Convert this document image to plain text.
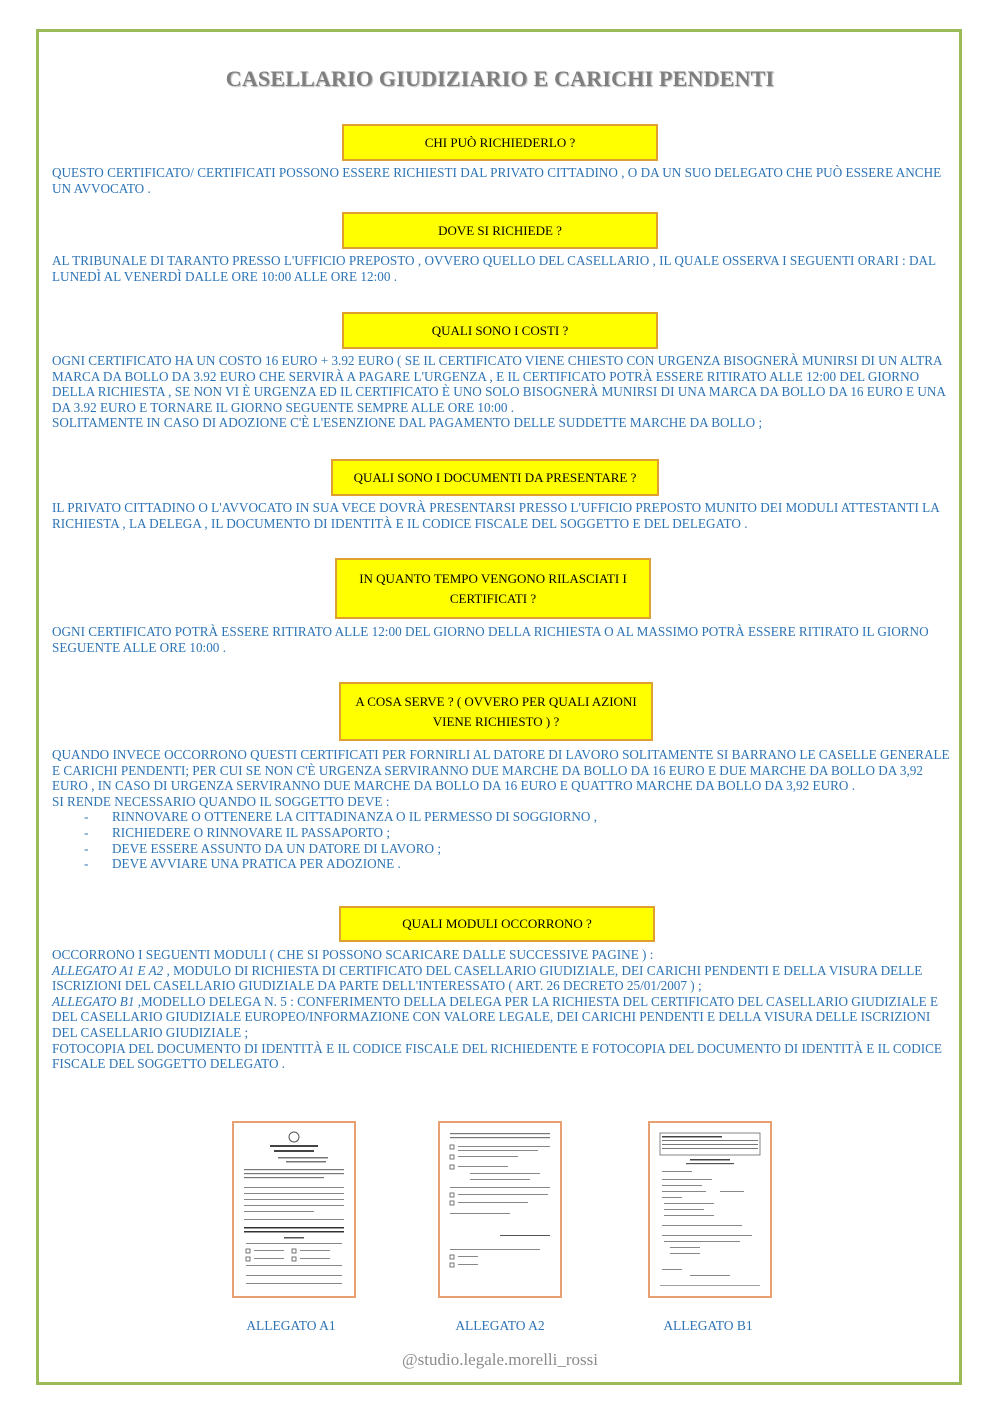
CASELLARIO GIUDIZIARIO E CARICHI PENDENTI
CHI PUÒ RICHIEDERLO ?
QUESTO CERTIFICATO/ CERTIFICATI POSSONO ESSERE RICHIESTI DAL PRIVATO CITTADINO , O DA UN SUO DELEGATO CHE PUÒ ESSERE ANCHE UN AVVOCATO .
DOVE SI RICHIEDE ?
AL TRIBUNALE DI TARANTO PRESSO L'UFFICIO PREPOSTO , OVVERO QUELLO DEL CASELLARIO , IL QUALE OSSERVA I SEGUENTI ORARI : DAL LUNEDÌ AL VENERDÌ DALLE ORE 10:00 ALLE ORE 12:00 .
QUALI SONO I COSTI ?
OGNI CERTIFICATO HA UN COSTO 16 EURO + 3.92 EURO ( SE IL CERTIFICATO VIENE CHIESTO CON URGENZA BISOGNERÀ MUNIRSI DI UN ALTRA MARCA DA BOLLO DA 3.92 EURO CHE SERVIRÀ A PAGARE L'URGENZA , E IL CERTIFICATO POTRÀ ESSERE RITIRATO ALLE 12:00 DEL GIORNO DELLA RICHIESTA , SE NON VI È URGENZA ED IL CERTIFICATO È UNO SOLO BISOGNERÀ MUNIRSI DI UNA MARCA DA BOLLO DA 16 EURO E UNA DA 3.92 EURO E TORNARE IL GIORNO SEGUENTE SEMPRE ALLE ORE 10:00 .
SOLITAMENTE IN CASO DI ADOZIONE C'È L'ESENZIONE DAL PAGAMENTO DELLE SUDDETTE MARCHE DA BOLLO ;
QUALI SONO I DOCUMENTI DA PRESENTARE ?
IL PRIVATO CITTADINO O L'AVVOCATO IN SUA VECE DOVRÀ PRESENTARSI PRESSO L'UFFICIO PREPOSTO MUNITO DEI MODULI ATTESTANTI LA RICHIESTA , LA DELEGA , IL DOCUMENTO DI IDENTITÀ E IL CODICE FISCALE DEL SOGGETTO E DEL DELEGATO .
IN QUANTO TEMPO VENGONO RILASCIATI I CERTIFICATI ?
OGNI CERTIFICATO POTRÀ ESSERE RITIRATO ALLE 12:00 DEL GIORNO DELLA RICHIESTA O AL MASSIMO POTRÀ ESSERE RITIRATO IL GIORNO SEGUENTE ALLE ORE 10:00 .
A COSA SERVE ? ( OVVERO PER QUALI AZIONI VIENE RICHIESTO ) ?
QUANDO INVECE OCCORRONO QUESTI CERTIFICATI PER FORNIRLI AL DATORE DI LAVORO SOLITAMENTE SI BARRANO LE CASELLE GENERALE E CARICHI PENDENTI; PER CUI SE NON C'È URGENZA SERVIRANNO DUE MARCHE DA BOLLO DA 16 EURO E DUE MARCHE DA BOLLO DA 3,92 EURO , IN CASO DI URGENZA SERVIRANNO DUE MARCHE DA BOLLO DA 16 EURO E QUATTRO MARCHE DA BOLLO DA 3,92 EURO .
SI RENDE NECESSARIO QUANDO IL SOGGETTO DEVE :
- RINNOVARE O OTTENERE LA CITTADINANZA O IL PERMESSO DI SOGGIORNO ,
- RICHIEDERE O RINNOVARE IL PASSAPORTO ;
- DEVE ESSERE ASSUNTO DA UN DATORE DI LAVORO ;
- DEVE AVVIARE UNA PRATICA PER ADOZIONE .
QUALI MODULI OCCORRONO ?
OCCORRONO I SEGUENTI MODULI ( CHE SI POSSONO SCARICARE DALLE SUCCESSIVE PAGINE ) :
ALLEGATO A1 E A2 , MODULO DI RICHIESTA DI CERTIFICATO DEL CASELLARIO GIUDIZIALE, DEI CARICHI PENDENTI E DELLA VISURA DELLE ISCRIZIONI DEL CASELLARIO GIUDIZIALE DA PARTE DELL'INTERESSATO ( ART. 26 DECRETO 25/01/2007 ) ;
ALLEGATO B1 ,MODELLO DELEGA N. 5 : CONFERIMENTO DELLA DELEGA PER LA RICHIESTA DEL CERTIFICATO DEL CASELLARIO GIUDIZIALE E DEL CASELLARIO GIUDIZIALE EUROPEO/INFORMAZIONE CON VALORE LEGALE, DEI CARICHI PENDENTI E DELLA VISURA DELLE ISCRIZIONI DEL CASELLARIO GIUDIZIALE ;
FOTOCOPIA DEL DOCUMENTO DI IDENTITÀ E IL CODICE FISCALE DEL RICHIEDENTE E FOTOCOPIA DEL DOCUMENTO DI IDENTITÀ E IL CODICE FISCALE DEL SOGGETTO DELEGATO .
ALLEGATO A1	ALLEGATO A2	ALLEGATO B1
@studio.legale.morelli_rossi
